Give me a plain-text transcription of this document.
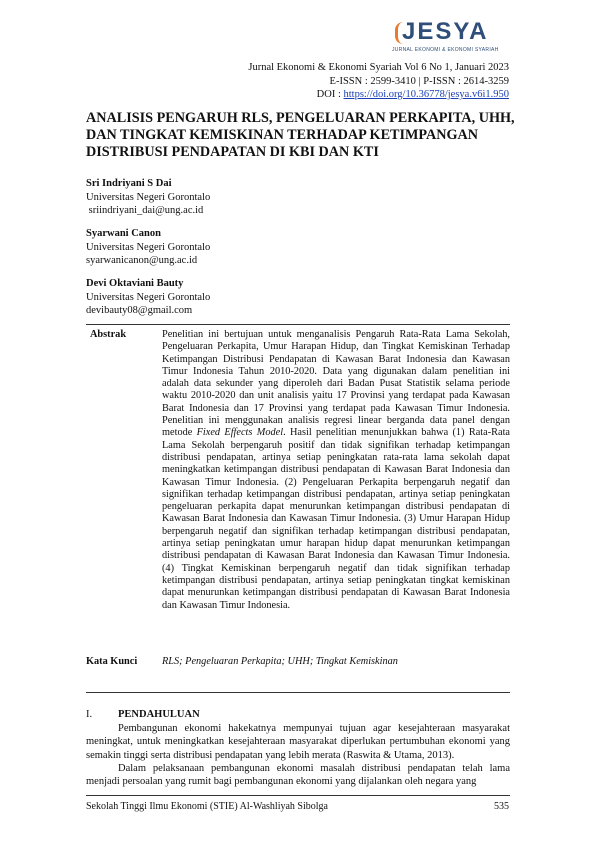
JESYA
JURNAL EKONOMI & EKONOMI SYARIAH
Jurnal Ekonomi & Ekonomi Syariah Vol 6 No 1, Januari 2023
E-ISSN : 2599-3410 | P-ISSN : 2614-3259
DOI : https://doi.org/10.36778/jesya.v6i1.950
ANALISIS PENGARUH RLS, PENGELUARAN PERKAPITA, UHH, DAN TINGKAT KEMISKINAN TERHADAP KETIMPANGAN DISTRIBUSI PENDAPATAN DI KBI DAN KTI
Sri Indriyani S Dai
Universitas Negeri Gorontalo
sriindriyani_dai@ung.ac.id
Syarwani Canon
Universitas Negeri Gorontalo
syarwanicanon@ung.ac.id
Devi Oktaviani Bauty
Universitas Negeri Gorontalo
devibauty08@gmail.com
Abstrak	Penelitian ini bertujuan untuk menganalisis Pengaruh Rata-Rata Lama Sekolah, Pengeluaran Perkapita, Umur Harapan Hidup, dan Tingkat Kemiskinan Terhadap Ketimpangan Distribusi Pendapatan di Kawasan Barat Indonesia dan Kawasan Timur Indonesia Tahun 2010-2020. Data yang digunakan dalam penelitian ini adalah data sekunder yang diperoleh dari Badan Pusat Statistik selama periode waktu 2010-2020 dan unit analisis yaitu 17 Provinsi yang terdapat pada Kawasan Barat Indonesia dan 17 Provinsi yang terdapat pada Kawasan Timur Indonesia. Penelitian ini menggunakan analisis regresi linear berganda data panel dengan metode Fixed Effects Model. Hasil penelitian menunjukkan bahwa (1) Rata-Rata Lama Sekolah berpengaruh positif dan tidak signifikan terhadap ketimpangan distribusi pendapatan, artinya setiap peningkatan rata-rata lama sekolah dapat meningkatkan ketimpangan distribusi pendapatan di Kawasan Barat Indonesia dan Kawasan Timur Indonesia. (2) Pengeluaran Perkapita berpengaruh negatif dan signifikan terhadap ketimpangan distribusi pendapatan, artinya setiap peningkatan pengeluaran perkapita dapat menurunkan ketimpangan distribusi pendapatan di Kawasan Barat Indonesia dan Kawasan Timur Indonesia. (3) Umur Harapan Hidup berpengaruh negatif dan signifikan terhadap ketimpangan distribusi pendapatan, artinya setiap peningkatan umur harapan hidup dapat menurunkan ketimpangan distribusi pendapatan di Kawasan Barat Indonesia dan Kawasan Timur Indonesia. (4) Tingkat Kemiskinan berpengaruh negatif dan tidak signifikan terhadap ketimpangan distribusi pendapatan, artinya setiap peningkatan tingkat kemiskinan dapat menurunkan ketimpangan distribusi pendapatan di Kawasan Barat Indonesia dan Kawasan Timur Indonesia.
Kata Kunci RLS; Pengeluaran Perkapita; UHH; Tingkat Kemiskinan
I. PENDAHULUAN
Pembangunan ekonomi hakekatnya mempunyai tujuan agar kesejahteraan masyarakat meningkat, untuk meningkatkan kesejahteraan masyarakat diperlukan pertumbuhan ekonomi yang semakin tinggi serta distribusi pendapatan yang lebih merata (Raswita & Utama, 2013).
Dalam pelaksanaan pembangunan ekonomi masalah distribusi pendapatan telah lama menjadi persoalan yang rumit bagi pembangunan ekonomi yang dijalankan oleh negara yang
Sekolah Tinggi Ilmu Ekonomi (STIE) Al-Washliyah Sibolga	535
